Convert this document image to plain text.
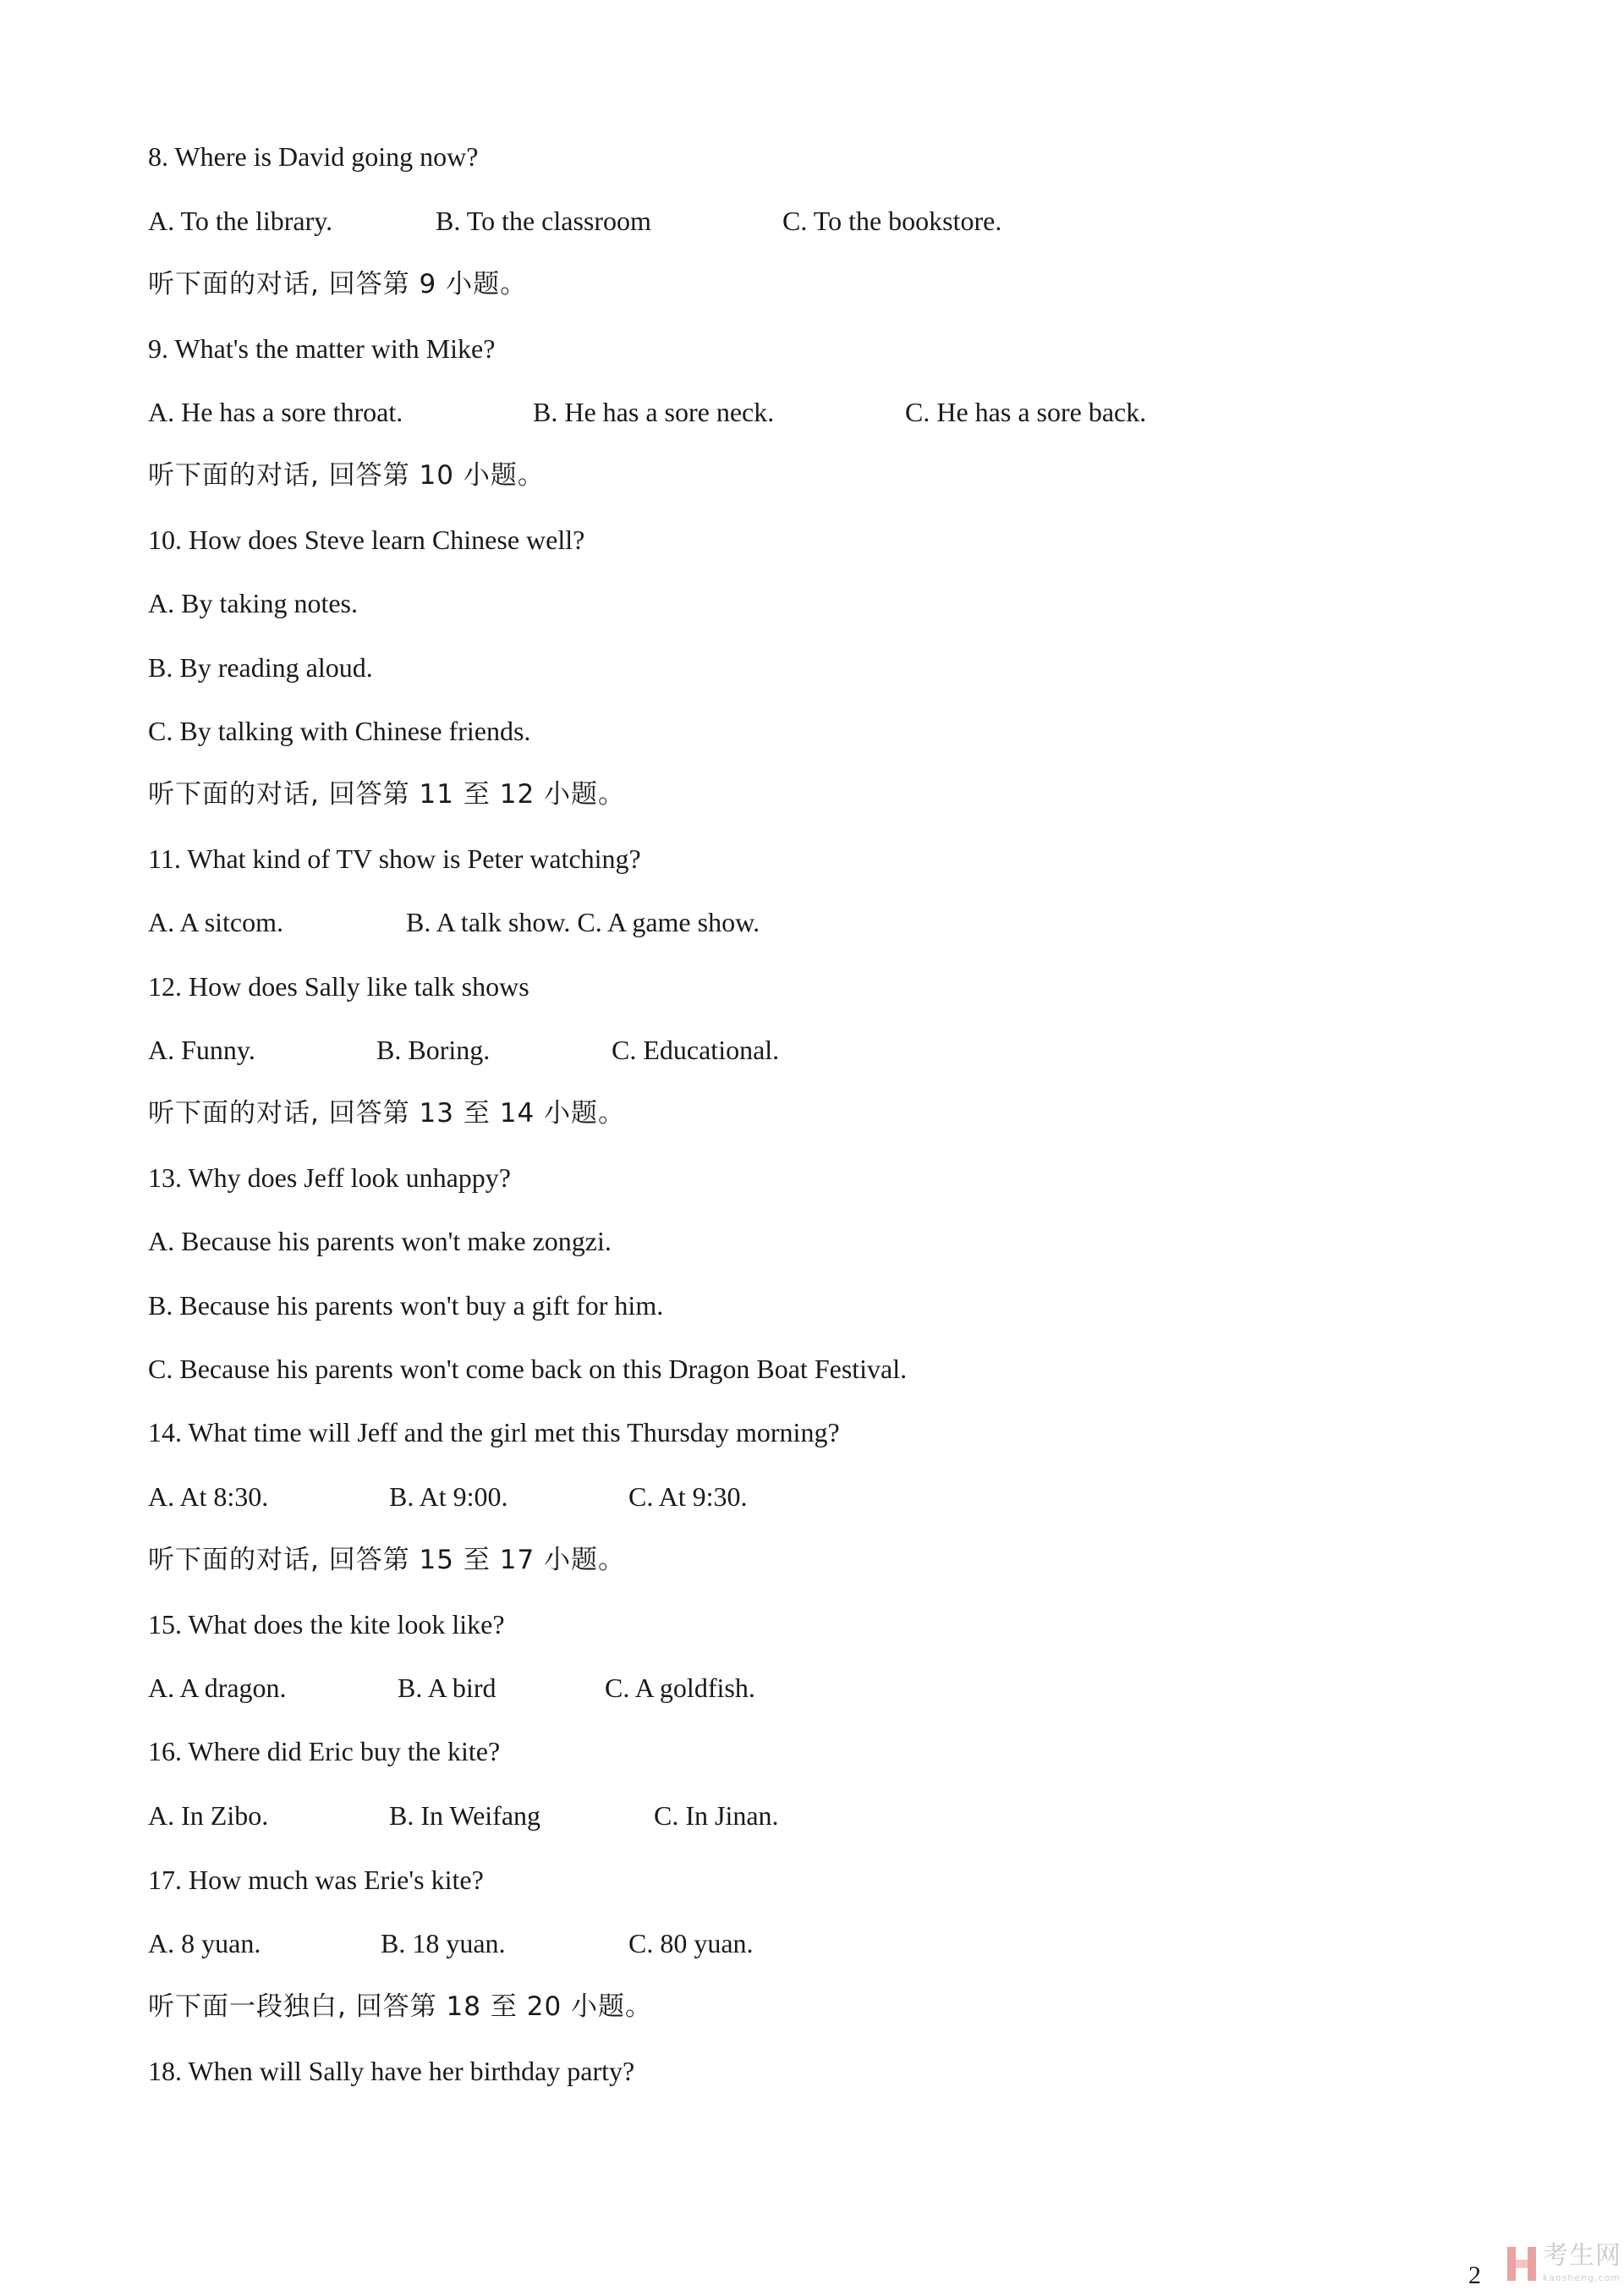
8. Where is David going now?
A. To the library.	B. To the classroom	C. To the bookstore.
听下面的对话, 回答第 9 小题。
9. What's the matter with Mike?
A. He has a sore throat.	B. He has a sore neck.	C. He has a sore back.
听下面的对话, 回答第 10 小题。
10. How does Steve learn Chinese well?
A. By taking notes.
B. By reading aloud.
C. By talking with Chinese friends.
听下面的对话, 回答第 11 至 12 小题。
11. What kind of TV show is Peter watching?
A. A sitcom.	B. A talk show. C. A game show.
12. How does Sally like talk shows
A. Funny.	B. Boring.	C. Educational.
听下面的对话, 回答第 13 至 14 小题。
13. Why does Jeff look unhappy?
A. Because his parents won't make zongzi.
B. Because his parents won't buy a gift for him.
C. Because his parents won't come back on this Dragon Boat Festival.
14. What time will Jeff and the girl met this Thursday morning?
A. At 8:30.	B. At 9:00.	C. At 9:30.
听下面的对话, 回答第 15 至 17 小题。
15. What does the kite look like?
A. A dragon.	B. A bird	C. A goldfish.
16. Where did Eric buy the kite?
A. In Zibo.	B. In Weifang	C. In Jinan.
17. How much was Erie's kite?
A. 8 yuan.	B. 18 yuan.	C. 80 yuan.
听下面一段独白, 回答第 18 至 20 小题。
18. When will Sally have her birthday party?
2
考生网
kaosheng.com
